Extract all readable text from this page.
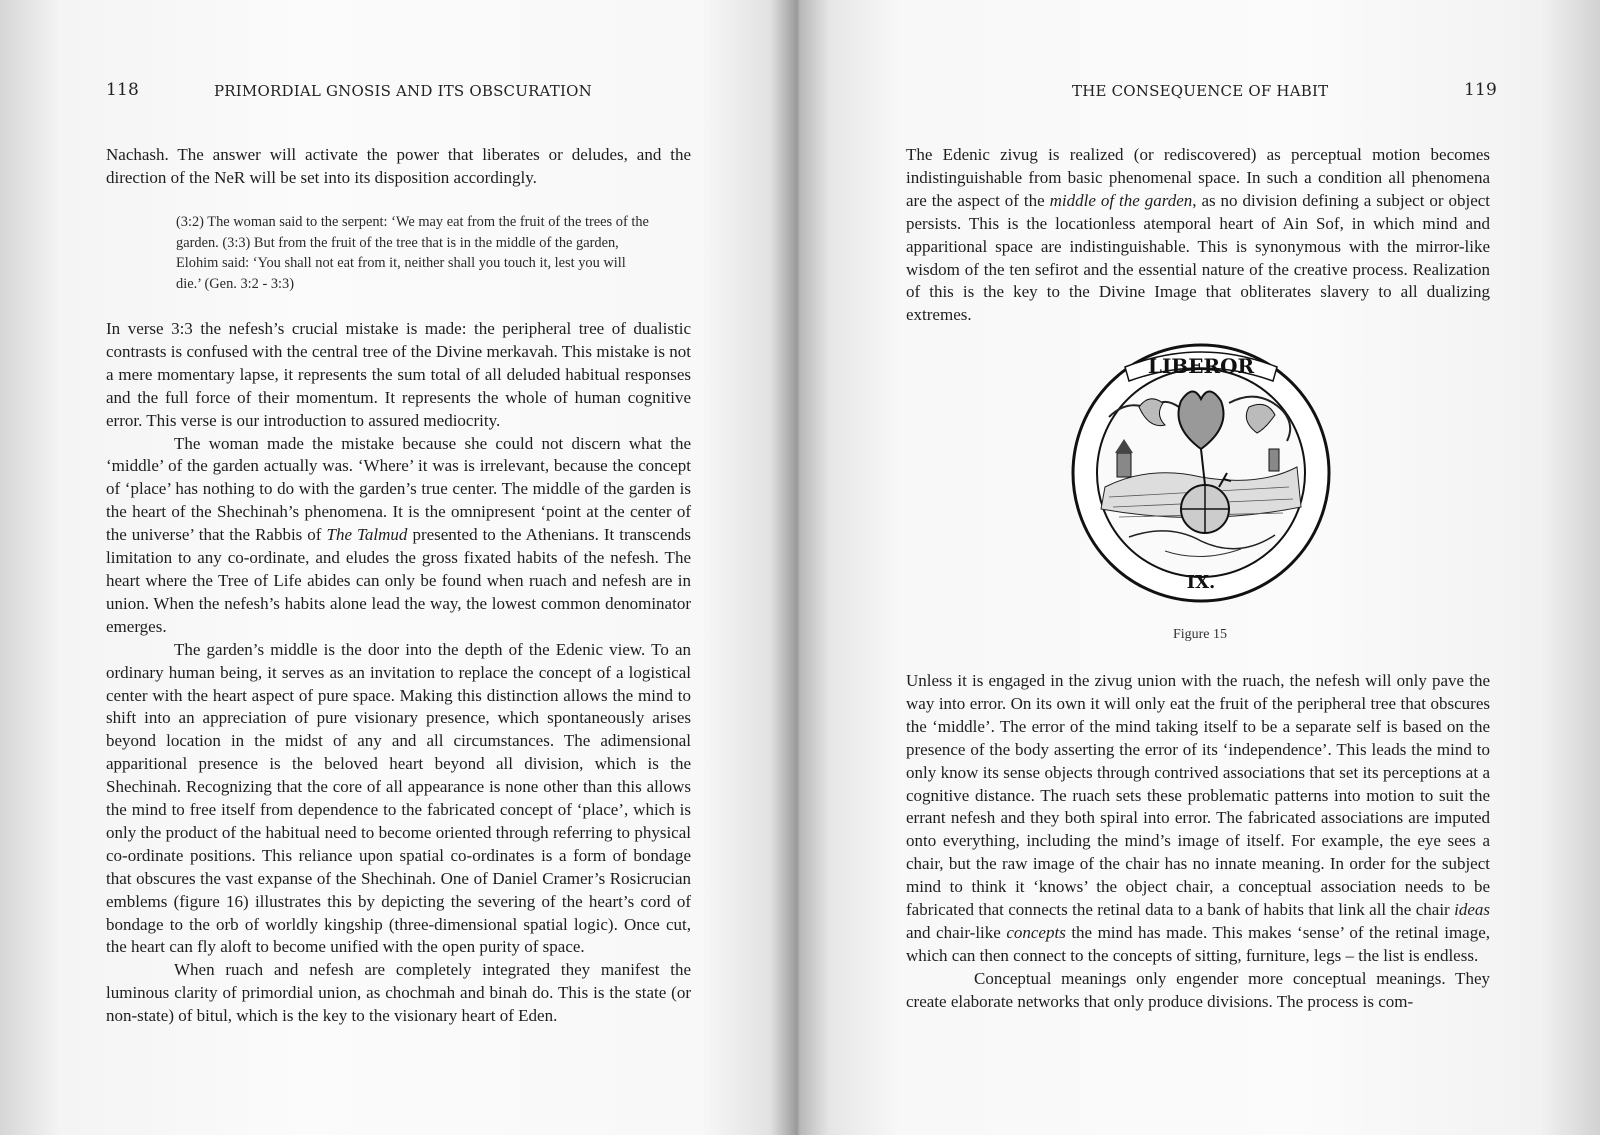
118	PRIMORDIAL GNOSIS AND ITS OBSCURATION

Nachash. The answer will activate the power that liberates or deludes, and the direction of the NeR will be set into its disposition accordingly.

(3:2) The woman said to the serpent: ‘We may eat from the fruit of the trees of the garden. (3:3) But from the fruit of the tree that is in the middle of the garden, Elohim said: ‘You shall not eat from it, neither shall you touch it, lest you will die.’ (Gen. 3:2 - 3:3)

In verse 3:3 the nefesh’s crucial mistake is made: the peripheral tree of dualistic contrasts is confused with the central tree of the Divine merkavah. This mistake is not a mere momentary lapse, it represents the sum total of all deluded habitual responses and the full force of their momentum. It represents the whole of human cognitive error. This verse is our introduction to assured mediocrity.

The woman made the mistake because she could not discern what the ‘middle’ of the garden actually was. ‘Where’ it was is irrelevant, because the concept of ‘place’ has nothing to do with the garden’s true center. The middle of the garden is the heart of the Shechinah’s phenomena. It is the omnipresent ‘point at the center of the universe’ that the Rabbis of The Talmud presented to the Athenians. It transcends limitation to any co-ordinate, and eludes the gross fixated habits of the nefesh. The heart where the Tree of Life abides can only be found when ruach and nefesh are in union. When the nefesh’s habits alone lead the way, the lowest common denominator emerges.

The garden’s middle is the door into the depth of the Edenic view. To an ordinary human being, it serves as an invitation to replace the concept of a logistical center with the heart aspect of pure space. Making this distinction allows the mind to shift into an appreciation of pure visionary presence, which spontaneously arises beyond location in the midst of any and all circumstances. The adimensional apparitional presence is the beloved heart beyond all division, which is the Shechinah. Recognizing that the core of all appearance is none other than this allows the mind to free itself from dependence to the fabricated concept of ‘place’, which is only the product of the habitual need to become oriented through referring to physical co-ordinate positions. This reliance upon spatial co-ordinates is a form of bondage that obscures the vast expanse of the Shechinah. One of Daniel Cramer’s Rosicrucian emblems (figure 16) illustrates this by depicting the severing of the heart’s cord of bondage to the orb of worldly kingship (three-dimensional spatial logic). Once cut, the heart can fly aloft to become unified with the open purity of space.

When ruach and nefesh are completely integrated they manifest the luminous clarity of primordial union, as chochmah and binah do. This is the state (or non-state) of bitul, which is the key to the visionary heart of Eden.

THE CONSEQUENCE OF HABIT	119

The Edenic zivug is realized (or rediscovered) as perceptual motion becomes indistinguishable from basic phenomenal space. In such a condition all phenomena are the aspect of the middle of the garden, as no division defining a subject or object persists. This is the locationless atemporal heart of Ain Sof, in which mind and apparitional space are indistinguishable. This is synonymous with the mirror-like wisdom of the ten sefirot and the essential nature of the creative process. Realization of this is the key to the Divine Image that obliterates slavery to all dualizing extremes.

Unless it is engaged in the zivug union with the ruach, the nefesh will only pave the way into error. On its own it will only eat the fruit of the peripheral tree that obscures the ‘middle’. The error of the mind taking itself to be a separate self is based on the presence of the body asserting the error of its ‘independence’. This leads the mind to only know its sense objects through contrived associations that set its perceptions at a cognitive distance. The ruach sets these problematic patterns into motion to suit the errant nefesh and they both spiral into error. The fabricated associations are imputed onto everything, including the mind’s image of itself. For example, the eye sees a chair, but the raw image of the chair has no innate meaning. In order for the subject mind to think it ‘knows’ the object chair, a conceptual association needs to be fabricated that connects the retinal data to a bank of habits that link all the chair ideas and chair-like concepts the mind has made. This makes ‘sense’ of the retinal image, which can then connect to the concepts of sitting, furniture, legs – the list is endless.

Conceptual meanings only engender more conceptual meanings. They create elaborate networks that only produce divisions. The process is com-

LIBEROR
IX.
Figure 15
